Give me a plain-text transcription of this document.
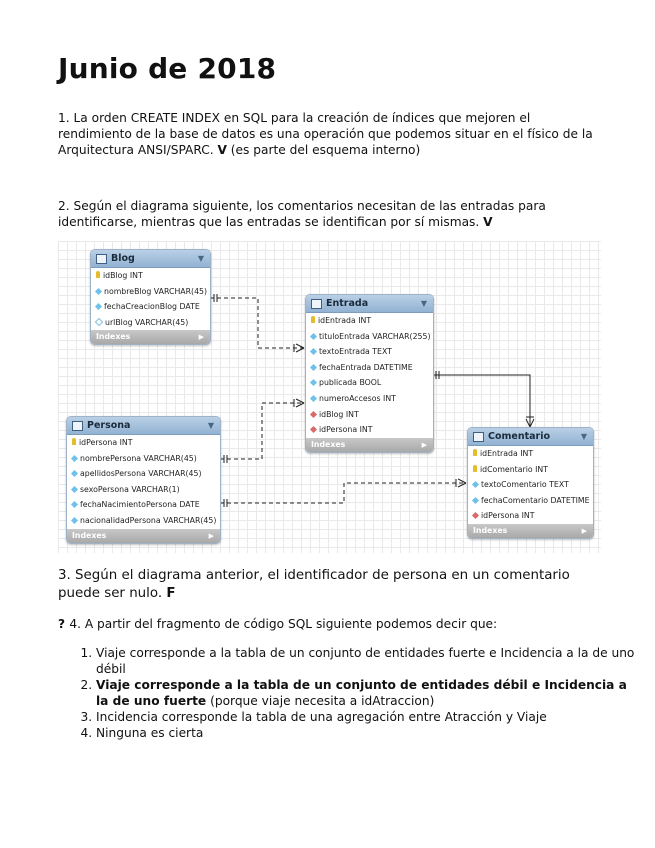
Junio de 2018

1. La orden CREATE INDEX en SQL para la creación de índices que mejoren el rendimiento de la base de datos es una operación que podemos situar en el físico de la Arquitectura ANSI/SPARC. V (es parte del esquema interno)

2. Según el diagrama siguiente, los comentarios necesitan de las entradas para identificarse, mientras que las entradas se identifican por sí mismas. V

Blog	▼
idBlog INT
nombreBlog VARCHAR(45)
fechaCreacionBlog DATE
urlBlog VARCHAR(45)
Indexes	▶
Entrada	▼
idEntrada INT
tituloEntrada VARCHAR(255)
textoEntrada TEXT
fechaEntrada DATETIME
publicada BOOL
numeroAccesos INT
idBlog INT
idPersona INT
Indexes	▶
Persona	▼
idPersona INT
nombrePersona VARCHAR(45)
apellidosPersona VARCHAR(45)
sexoPersona VARCHAR(1)
fechaNacimientoPersona DATE
nacionalidadPersona VARCHAR(45)
Indexes	▶
Comentario	▼
idEntrada INT
idComentario INT
textoComentario TEXT
fechaComentario DATETIME
idPersona INT
Indexes	▶

3. Según el diagrama anterior, el identificador de persona en un comentario puede ser nulo. F

? 4. A partir del fragmento de código SQL siguiente podemos decir que:

1. Viaje corresponde a la tabla de un conjunto de entidades fuerte e Incidencia a la de uno débil
2. Viaje corresponde a la tabla de un conjunto de entidades débil e Incidencia a la de uno fuerte (porque viaje necesita a idAtraccion)
3. Incidencia corresponde la tabla de una agregación entre Atracción y Viaje
4. Ninguna es cierta
